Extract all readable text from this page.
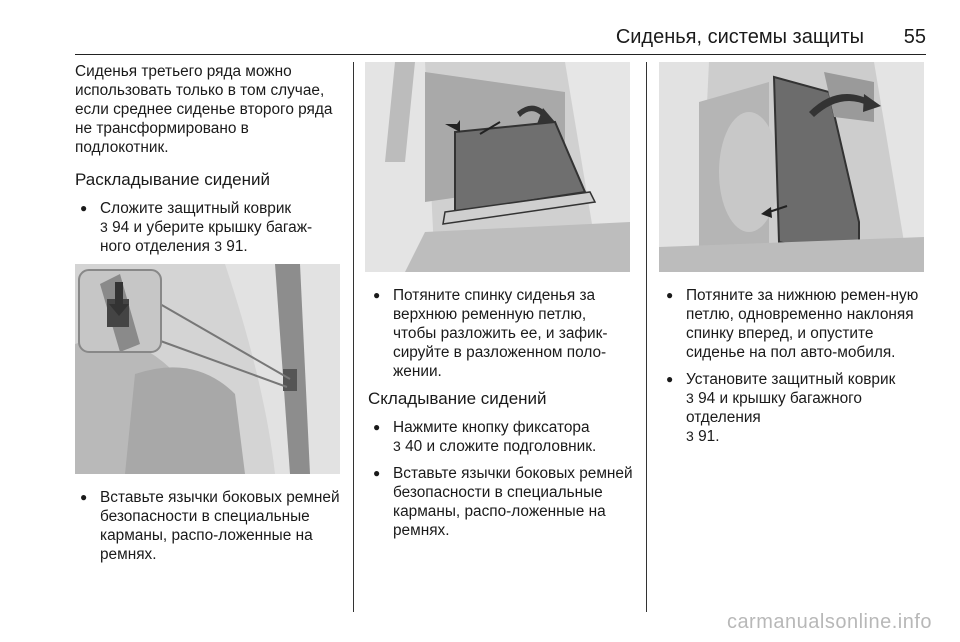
Сиденья, системы защиты 55

Сиденья третьего ряда можно использовать только в том случае, если среднее сиденье второго ряда не трансформировано в подлокотник.

Раскладывание сидений
● Сложите защитный коврик
3 94 и уберите крышку багаж-ного отделения 3 91.
● Вставьте язычки боковых ремней безопасности в специальные карманы, распо-ложенные на ремнях.
● Потяните спинку сиденья за верхнюю ременную петлю, чтобы разложить ее, и зафик-сируйте в разложенном поло-жении.
Складывание сидений
● Нажмите кнопку фиксатора
3 40 и сложите подголовник.
● Вставьте язычки боковых ремней безопасности в специальные карманы, распо-ложенные на ремнях.
● Потяните за нижнюю ремен-ную петлю, одновременно наклоняя спинку вперед, и опустите сиденье на пол авто-мобиля.
● Установите защитный коврик
3 94 и крышку багажного отделения
3 91.
carmanualsonline.info
